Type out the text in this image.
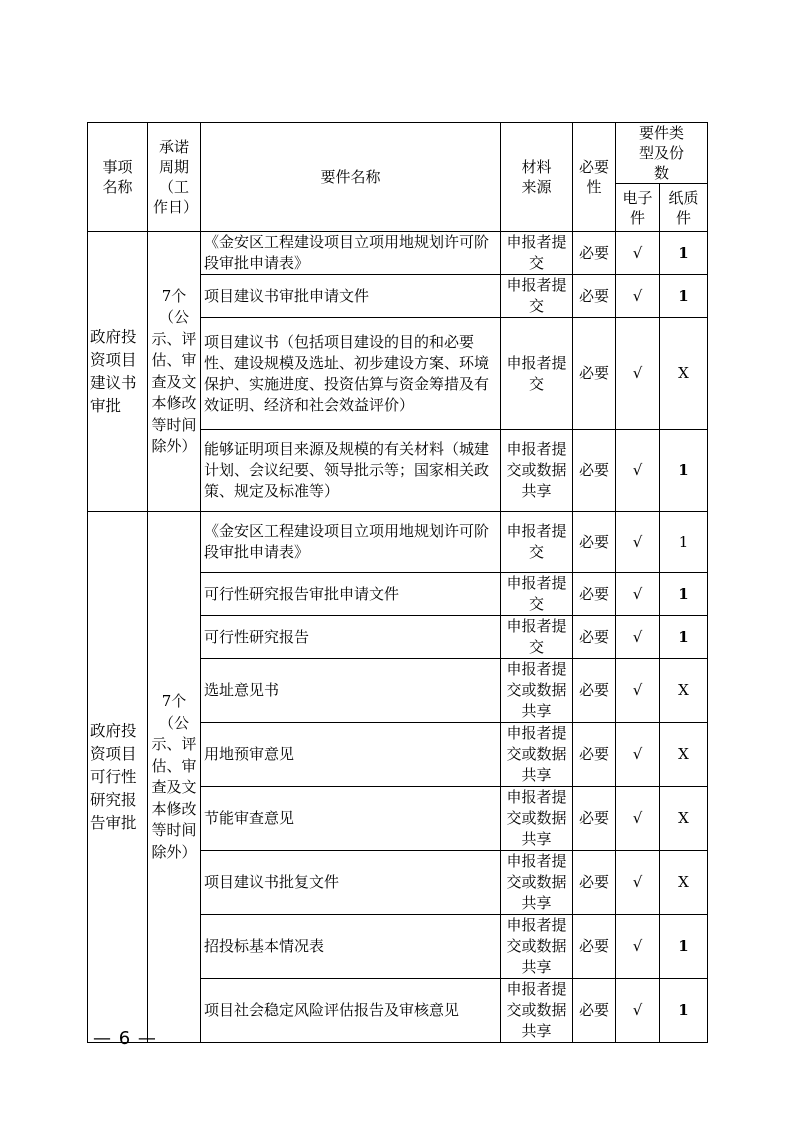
事项名称	承诺周期（工作日）	要件名称	材料来源	必要性	要件类型及份数	
					电子件	纸质件
政府投资项目建议书审批	7个（公示、评估、审查及文本修改等时间除外）	《金安区工程建设项目立项用地规划许可阶段审批申请表》	申报者提交	必要	√	1
		项目建议书审批申请文件	申报者提交	必要	√	1
		项目建议书（包括项目建设的目的和必要性、建设规模及选址、初步建设方案、环境保护、实施进度、投资估算与资金筹措及有效证明、经济和社会效益评价）	申报者提交	必要	√	X
		能够证明项目来源及规模的有关材料（城建计划、会议纪要、领导批示等；国家相关政策、规定及标准等）	申报者提交或数据共享	必要	√	1
政府投资项目可行性研究报告审批	7个（公示、评估、审查及文本修改等时间除外）	《金安区工程建设项目立项用地规划许可阶段审批申请表》	申报者提交	必要	√	1
		可行性研究报告审批申请文件	申报者提交	必要	√	1
		可行性研究报告	申报者提交	必要	√	1
		选址意见书	申报者提交或数据共享	必要	√	X
		用地预审意见	申报者提交或数据共享	必要	√	X
		节能审查意见	申报者提交或数据共享	必要	√	X
		项目建议书批复文件	申报者提交或数据共享	必要	√	X
		招投标基本情况表	申报者提交或数据共享	必要	√	1
		项目社会稳定风险评估报告及审核意见	申报者提交或数据共享	必要	√	1
— 6 —
